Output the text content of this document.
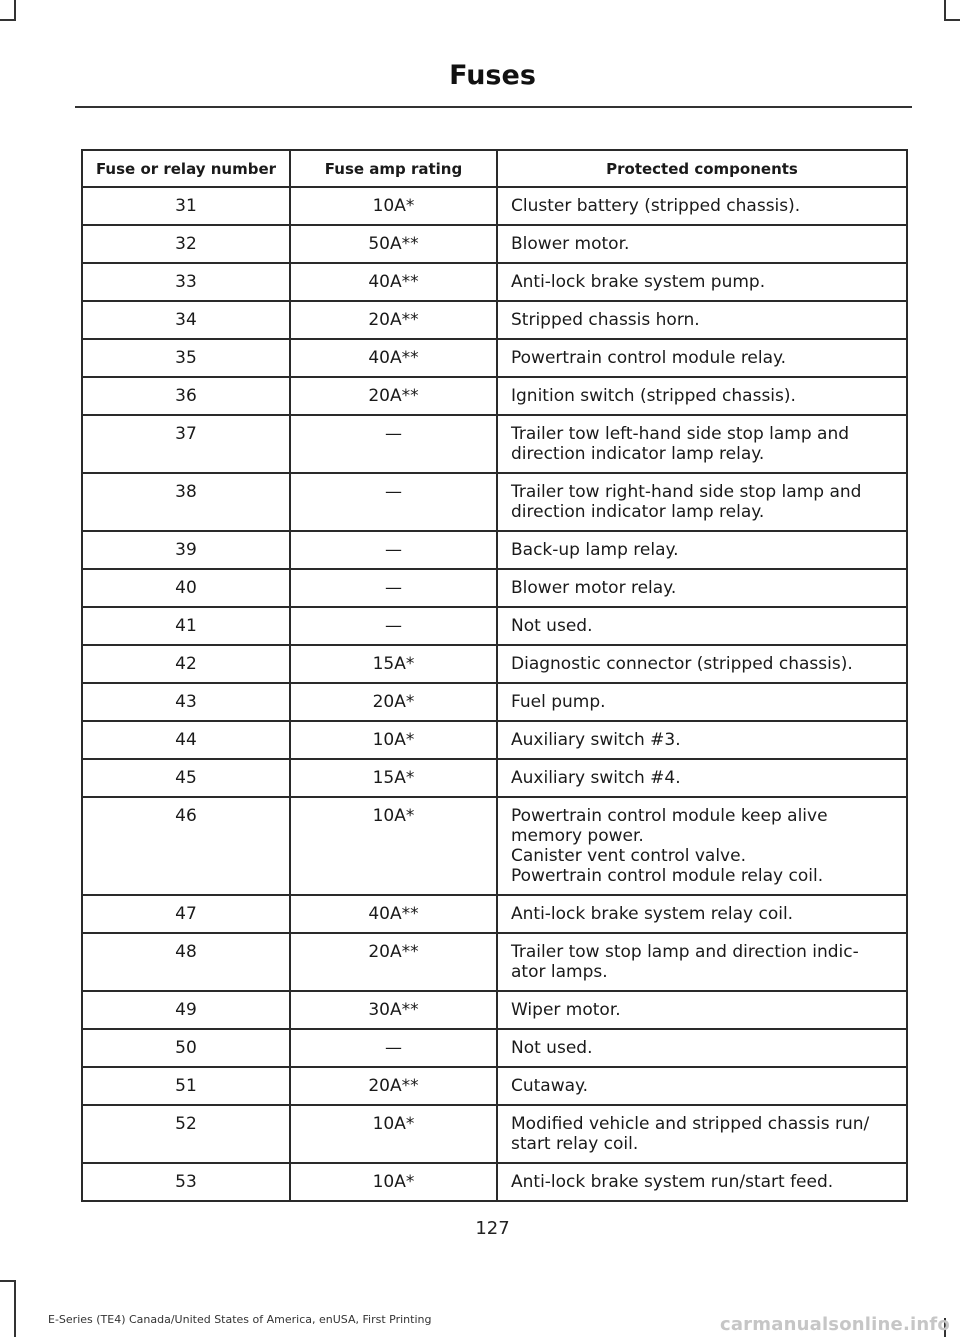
Fuses
Fuse or relay number	Fuse amp rating	Protected components
31	10A*	Cluster battery (stripped chassis).

32	50A**	Blower motor.

33	40A**	Anti-lock brake system pump.

34	20A**	Stripped chassis horn.

35	40A**	Powertrain control module relay.

36	20A**	Ignition switch (stripped chassis).

37	—	Trailer tow left-hand side stop lamp and
direction indicator lamp relay.

38	—	Trailer tow right-hand side stop lamp and
direction indicator lamp relay.

39	—	Back-up lamp relay.

40	—	Blower motor relay.

41	—	Not used.

42	15A*	Diagnostic connector (stripped chassis).

43	20A*	Fuel pump.

44	10A*	Auxiliary switch #3.

45	15A*	Auxiliary switch #4.

46	10A*	Powertrain control module keep alive
memory power.
Canister vent control valve.
Powertrain control module relay coil.

47	40A**	Anti-lock brake system relay coil.

48	20A**	Trailer tow stop lamp and direction indic-
ator lamps.

49	30A**	Wiper motor.

50	—	Not used.

51	20A**	Cutaway.

52	10A*	Modified vehicle and stripped chassis run/
start relay coil.

53	10A*	Anti-lock brake system run/start feed.
127
E-Series (TE4) Canada/United States of America, enUSA, First Printing	carmanualsonline.info
